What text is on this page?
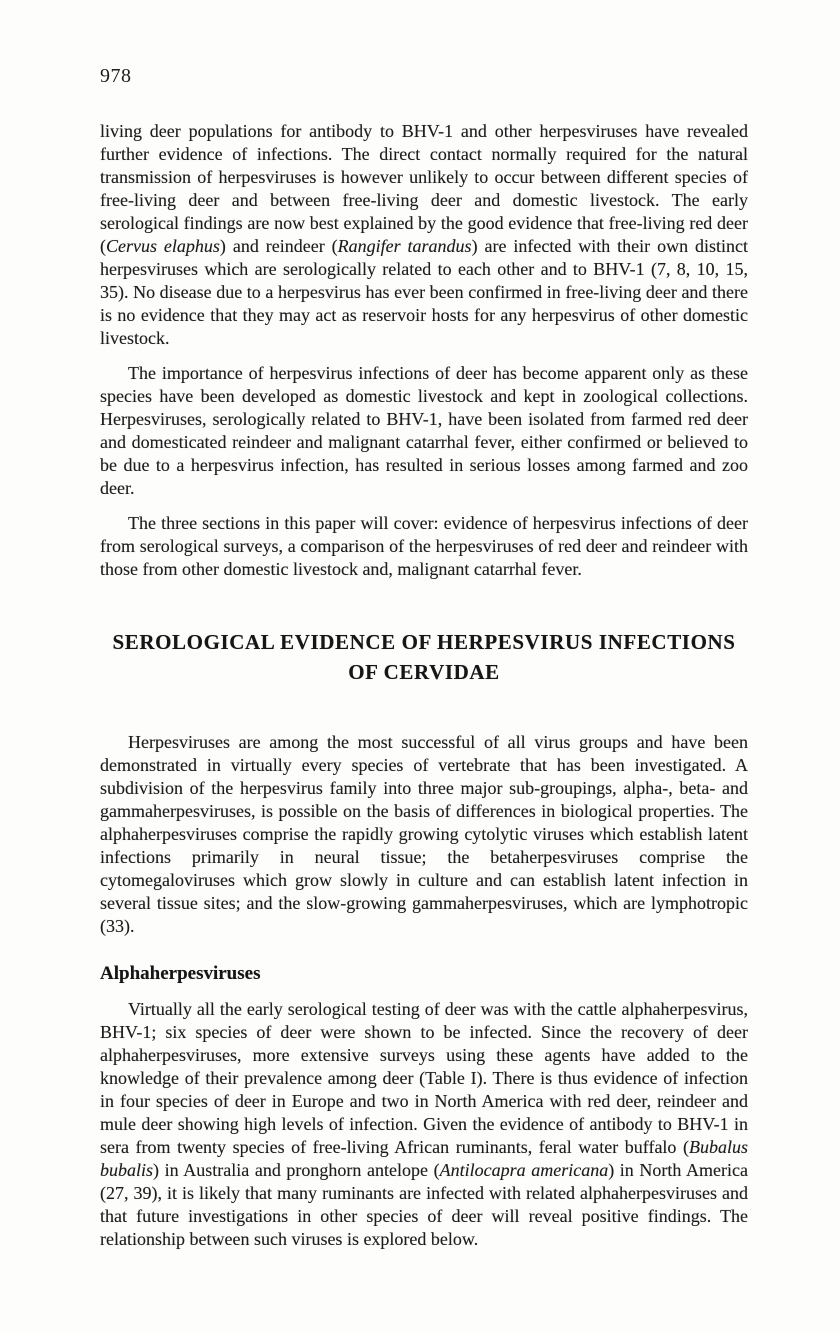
978

living deer populations for antibody to BHV-1 and other herpesviruses have revealed further evidence of infections. The direct contact normally required for the natural transmission of herpesviruses is however unlikely to occur between different species of free-living deer and between free-living deer and domestic livestock. The early serological findings are now best explained by the good evidence that free-living red deer (Cervus elaphus) and reindeer (Rangifer tarandus) are infected with their own distinct herpesviruses which are serologically related to each other and to BHV-1 (7, 8, 10, 15, 35). No disease due to a herpesvirus has ever been confirmed in free-living deer and there is no evidence that they may act as reservoir hosts for any herpesvirus of other domestic livestock.

The importance of herpesvirus infections of deer has become apparent only as these species have been developed as domestic livestock and kept in zoological collections. Herpesviruses, serologically related to BHV-1, have been isolated from farmed red deer and domesticated reindeer and malignant catarrhal fever, either confirmed or believed to be due to a herpesvirus infection, has resulted in serious losses among farmed and zoo deer.

The three sections in this paper will cover: evidence of herpesvirus infections of deer from serological surveys, a comparison of the herpesviruses of red deer and reindeer with those from other domestic livestock and, malignant catarrhal fever.

SEROLOGICAL EVIDENCE OF HERPESVIRUS INFECTIONS
OF CERVIDAE

Herpesviruses are among the most successful of all virus groups and have been demonstrated in virtually every species of vertebrate that has been investigated. A subdivision of the herpesvirus family into three major sub-groupings, alpha-, beta- and gammaherpesviruses, is possible on the basis of differences in biological properties. The alphaherpesviruses comprise the rapidly growing cytolytic viruses which establish latent infections primarily in neural tissue; the betaherpesviruses comprise the cytomegaloviruses which grow slowly in culture and can establish latent infection in several tissue sites; and the slow-growing gammaherpesviruses, which are lymphotropic (33).

Alphaherpesviruses

Virtually all the early serological testing of deer was with the cattle alphaherpesvirus, BHV-1; six species of deer were shown to be infected. Since the recovery of deer alphaherpesviruses, more extensive surveys using these agents have added to the knowledge of their prevalence among deer (Table I). There is thus evidence of infection in four species of deer in Europe and two in North America with red deer, reindeer and mule deer showing high levels of infection. Given the evidence of antibody to BHV-1 in sera from twenty species of free-living African ruminants, feral water buffalo (Bubalus bubalis) in Australia and pronghorn antelope (Antilocapra americana) in North America (27, 39), it is likely that many ruminants are infected with related alphaherpesviruses and that future investigations in other species of deer will reveal positive findings. The relationship between such viruses is explored below.
